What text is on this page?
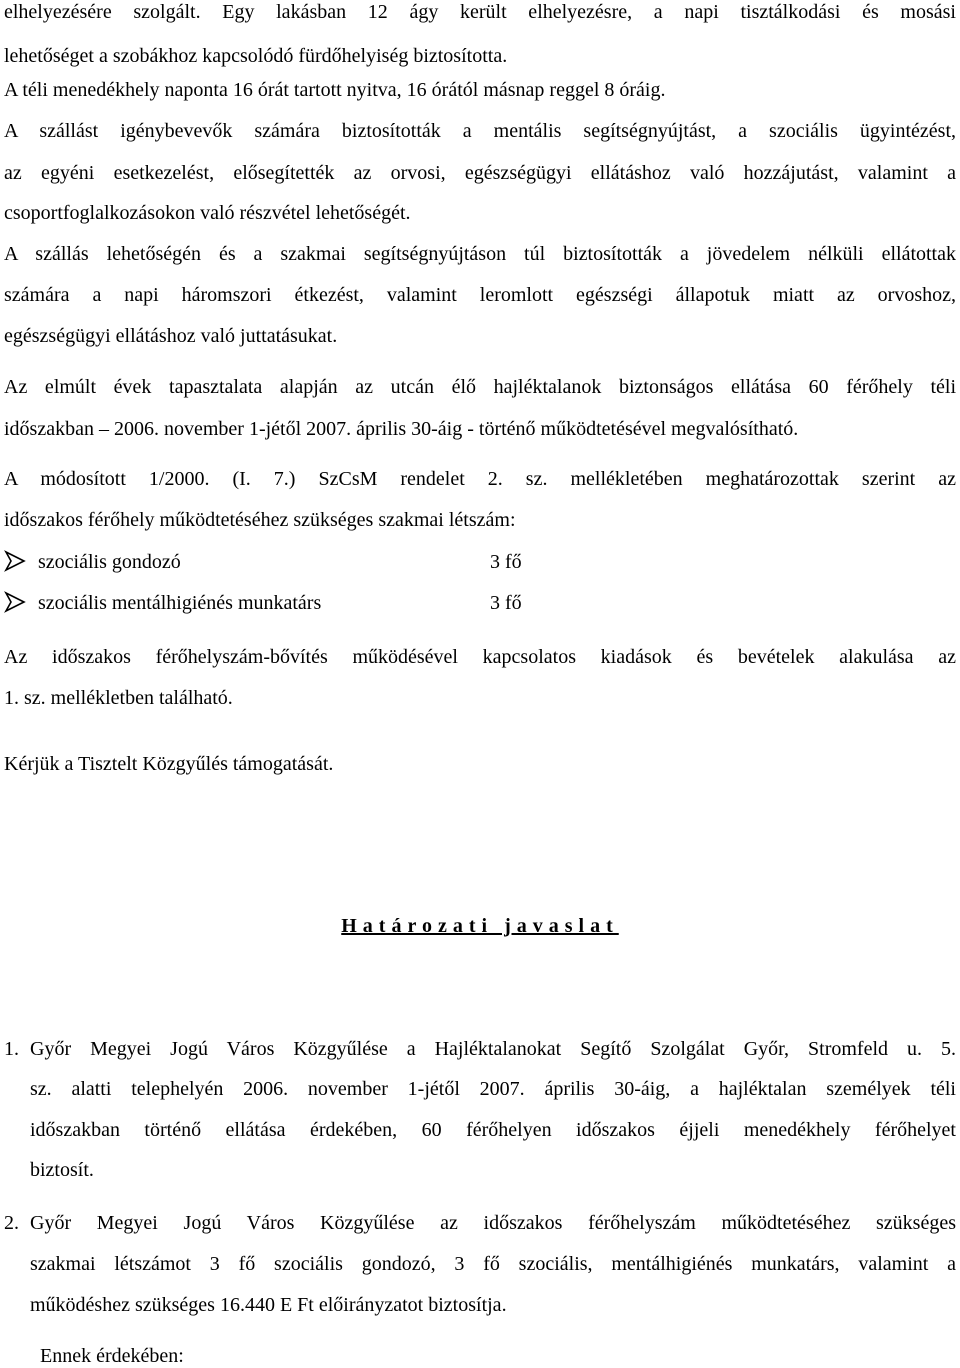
elhelyezésére szolgált. Egy lakásban 12 ágy került elhelyezésre, a napi tisztálkodási és mosási
lehetőséget a szobákhoz kapcsolódó fürdőhelyiség biztosította.
A téli menedékhely naponta 16 órát tartott nyitva, 16 órától másnap reggel 8 óráig.
A szállást igénybevevők számára biztosították a mentális segítségnyújtást, a szociális ügyintézést,
az egyéni esetkezelést, elősegítették az orvosi, egészségügyi ellátáshoz való hozzájutást, valamint a
csoportfoglalkozásokon való részvétel lehetőségét.
A szállás lehetőségén és a szakmai segítségnyújtáson túl biztosították a jövedelem nélküli ellátottak
számára a napi háromszori étkezést, valamint leromlott egészségi állapotuk miatt az orvoshoz,
egészségügyi ellátáshoz való juttatásukat.
Az elmúlt évek tapasztalata alapján az utcán élő hajléktalanok biztonságos ellátása 60 férőhely téli
időszakban – 2006. november 1-jétől 2007. április 30-áig - történő működtetésével megvalósítható.
A módosított 1/2000. (I. 7.) SzCsM rendelet 2. sz. mellékletében meghatározottak szerint az
időszakos férőhely működtetéséhez szükséges szakmai létszám:
szociális gondozó	3 fő
szociális mentálhigiénés munkatárs	3 fő
Az időszakos férőhelyszám-bővítés működésével kapcsolatos kiadások és bevételek alakulása az
1. sz. mellékletben található.
Kérjük a Tisztelt Közgyűlés támogatását.
Határozati javaslat
1. Győr Megyei Jogú Város Közgyűlése a Hajléktalanokat Segítő Szolgálat Győr, Stromfeld u. 5.
sz. alatti telephelyén 2006. november 1-jétől 2007. április 30-áig, a hajléktalan személyek téli
időszakban történő ellátása érdekében, 60 férőhelyen időszakos éjjeli menedékhely férőhelyet
biztosít.
2. Győr Megyei Jogú Város Közgyűlése az időszakos férőhelyszám működtetéséhez szükséges
szakmai létszámot 3 fő szociális gondozó, 3 fő szociális, mentálhigiénés munkatárs, valamint a
működéshez szükséges 16.440 E Ft előirányzatot biztosítja.
Ennek érdekében:
